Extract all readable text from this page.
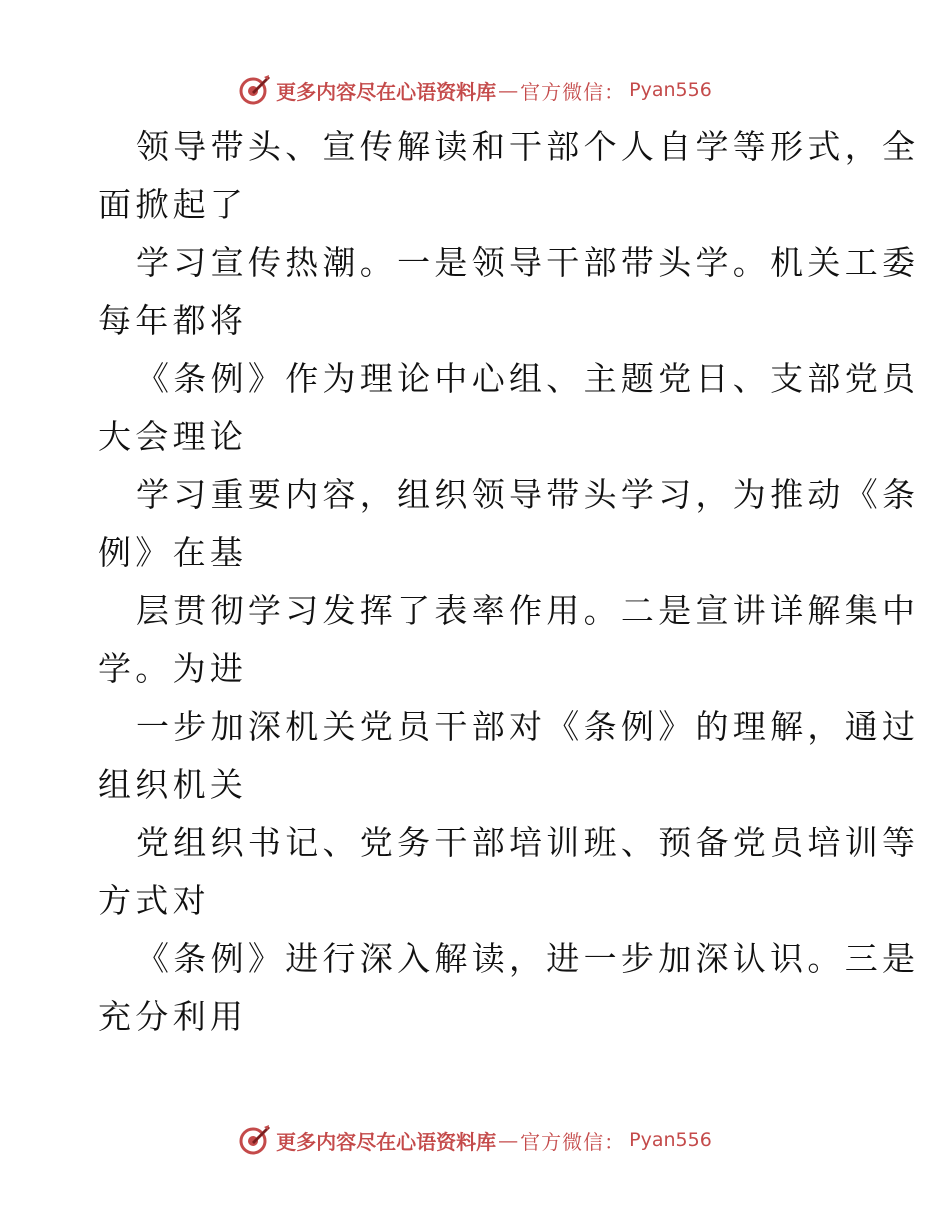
更多内容尽在心语资料库 — 官方微信： Pyan556
领导带头、宣传解读和干部个人自学等形式，全
面掀起了
学习宣传热潮。一是领导干部带头学。机关工委
每年都将
《条例》作为理论中心组、主题党日、支部党员
大会理论
学习重要内容，组织领导带头学习，为推动《条
例》在基
层贯彻学习发挥了表率作用。二是宣讲详解集中
学。为进
一步加深机关党员干部对《条例》的理解，通过
组织机关
党组织书记、党务干部培训班、预备党员培训等
方式对
《条例》进行深入解读，进一步加深认识。三是
充分利用
更多内容尽在心语资料库 — 官方微信： Pyan556
